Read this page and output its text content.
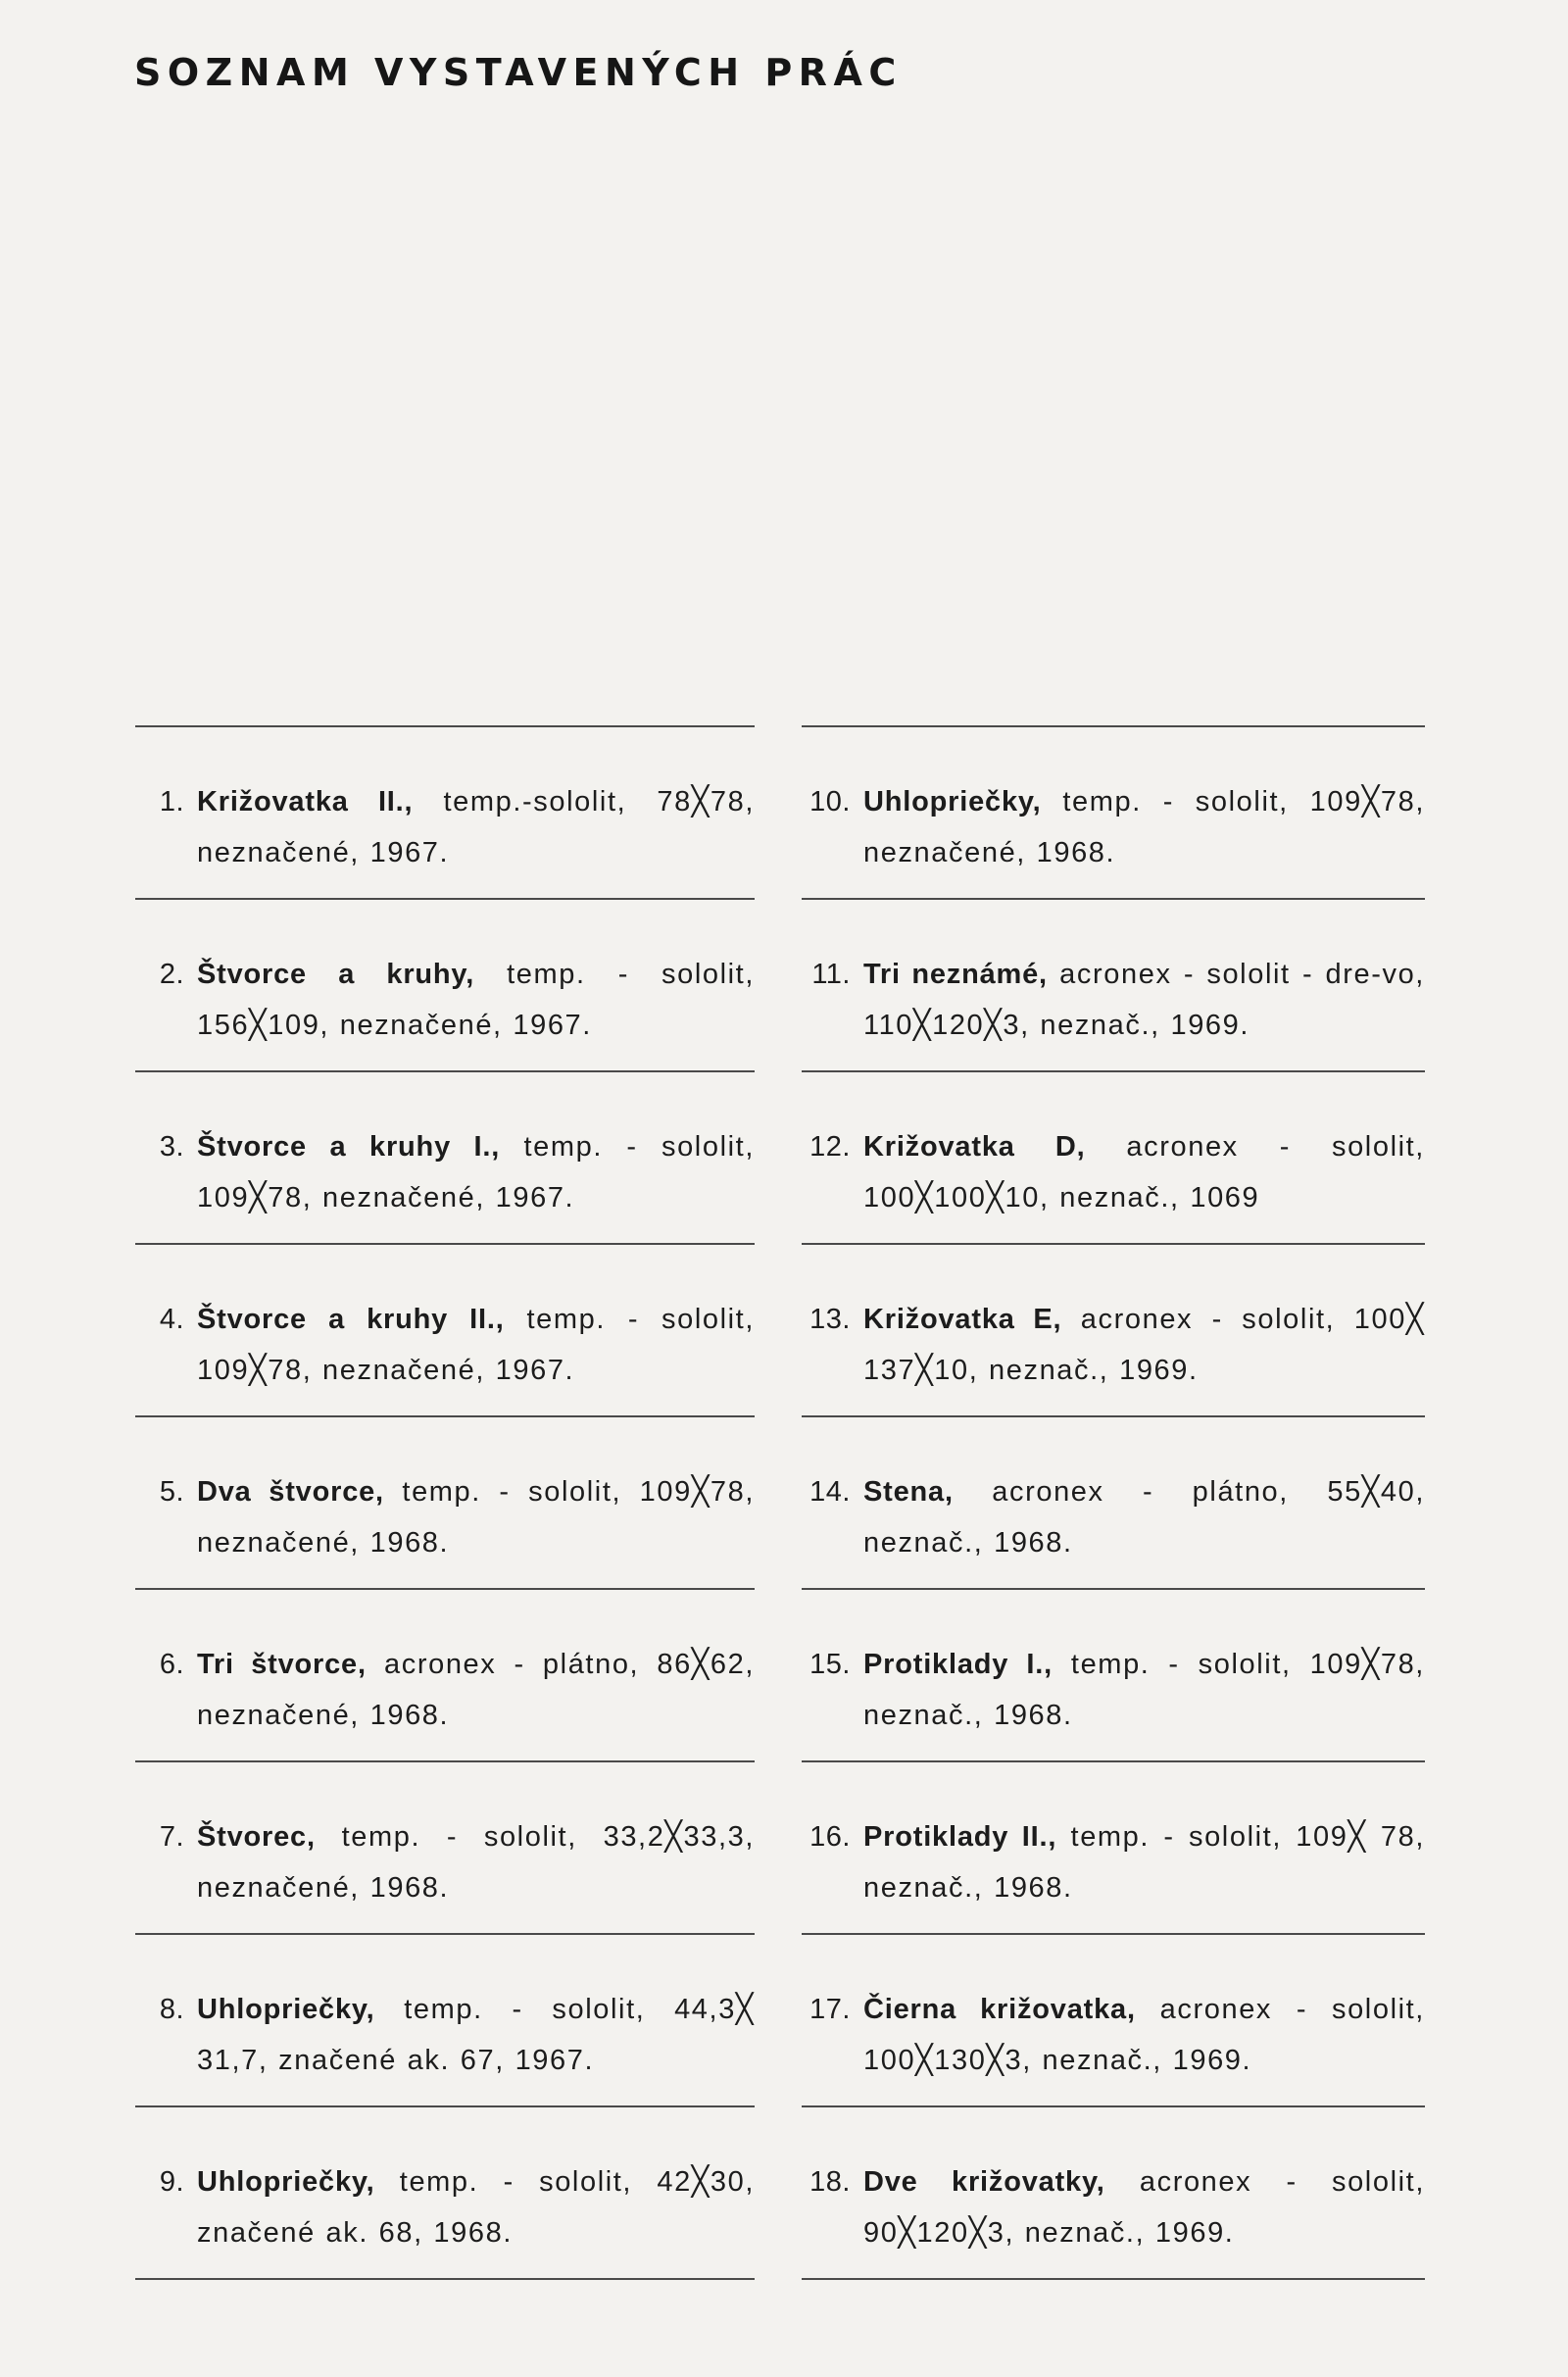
SOZNAM VYSTAVENÝCH PRÁC
1. Križovatka II., temp.-sololit, 78╳78, neznačené, 1967.
2. Štvorce a kruhy, temp. - sololit, 156╳109, neznačené, 1967.
3. Štvorce a kruhy I., temp. - sololit, 109╳78, neznačené, 1967.
4. Štvorce a kruhy II., temp. - sololit, 109╳78, neznačené, 1967.
5. Dva štvorce, temp. - sololit, 109╳78, neznačené, 1968.
6. Tri štvorce, acronex - plátno, 86╳62, neznačené, 1968.
7. Štvorec, temp. - sololit, 33,2╳33,3, neznačené, 1968.
8. Uhlopriečky, temp. - sololit, 44,3╳ 31,7, značené ak. 67, 1967.
9. Uhlopriečky, temp. - sololit, 42╳30, značené ak. 68, 1968.
10. Uhlopriečky, temp. - sololit, 109╳78, neznačené, 1968.
11. Tri neznámé, acronex - sololit - dre-vo, 110╳120╳3, neznač., 1969.
12. Križovatka D, acronex - sololit, 100╳100╳10, neznač., 1069
13. Križovatka E, acronex - sololit, 100╳ 137╳10, neznač., 1969.
14. Stena, acronex - plátno, 55╳40, neznač., 1968.
15. Protiklady I., temp. - sololit, 109╳78, neznač., 1968.
16. Protiklady II., temp. - sololit, 109╳ 78, neznač., 1968.
17. Čierna križovatka, acronex - sololit, 100╳130╳3, neznač., 1969.
18. Dve križovatky, acronex - sololit, 90╳120╳3, neznač., 1969.
